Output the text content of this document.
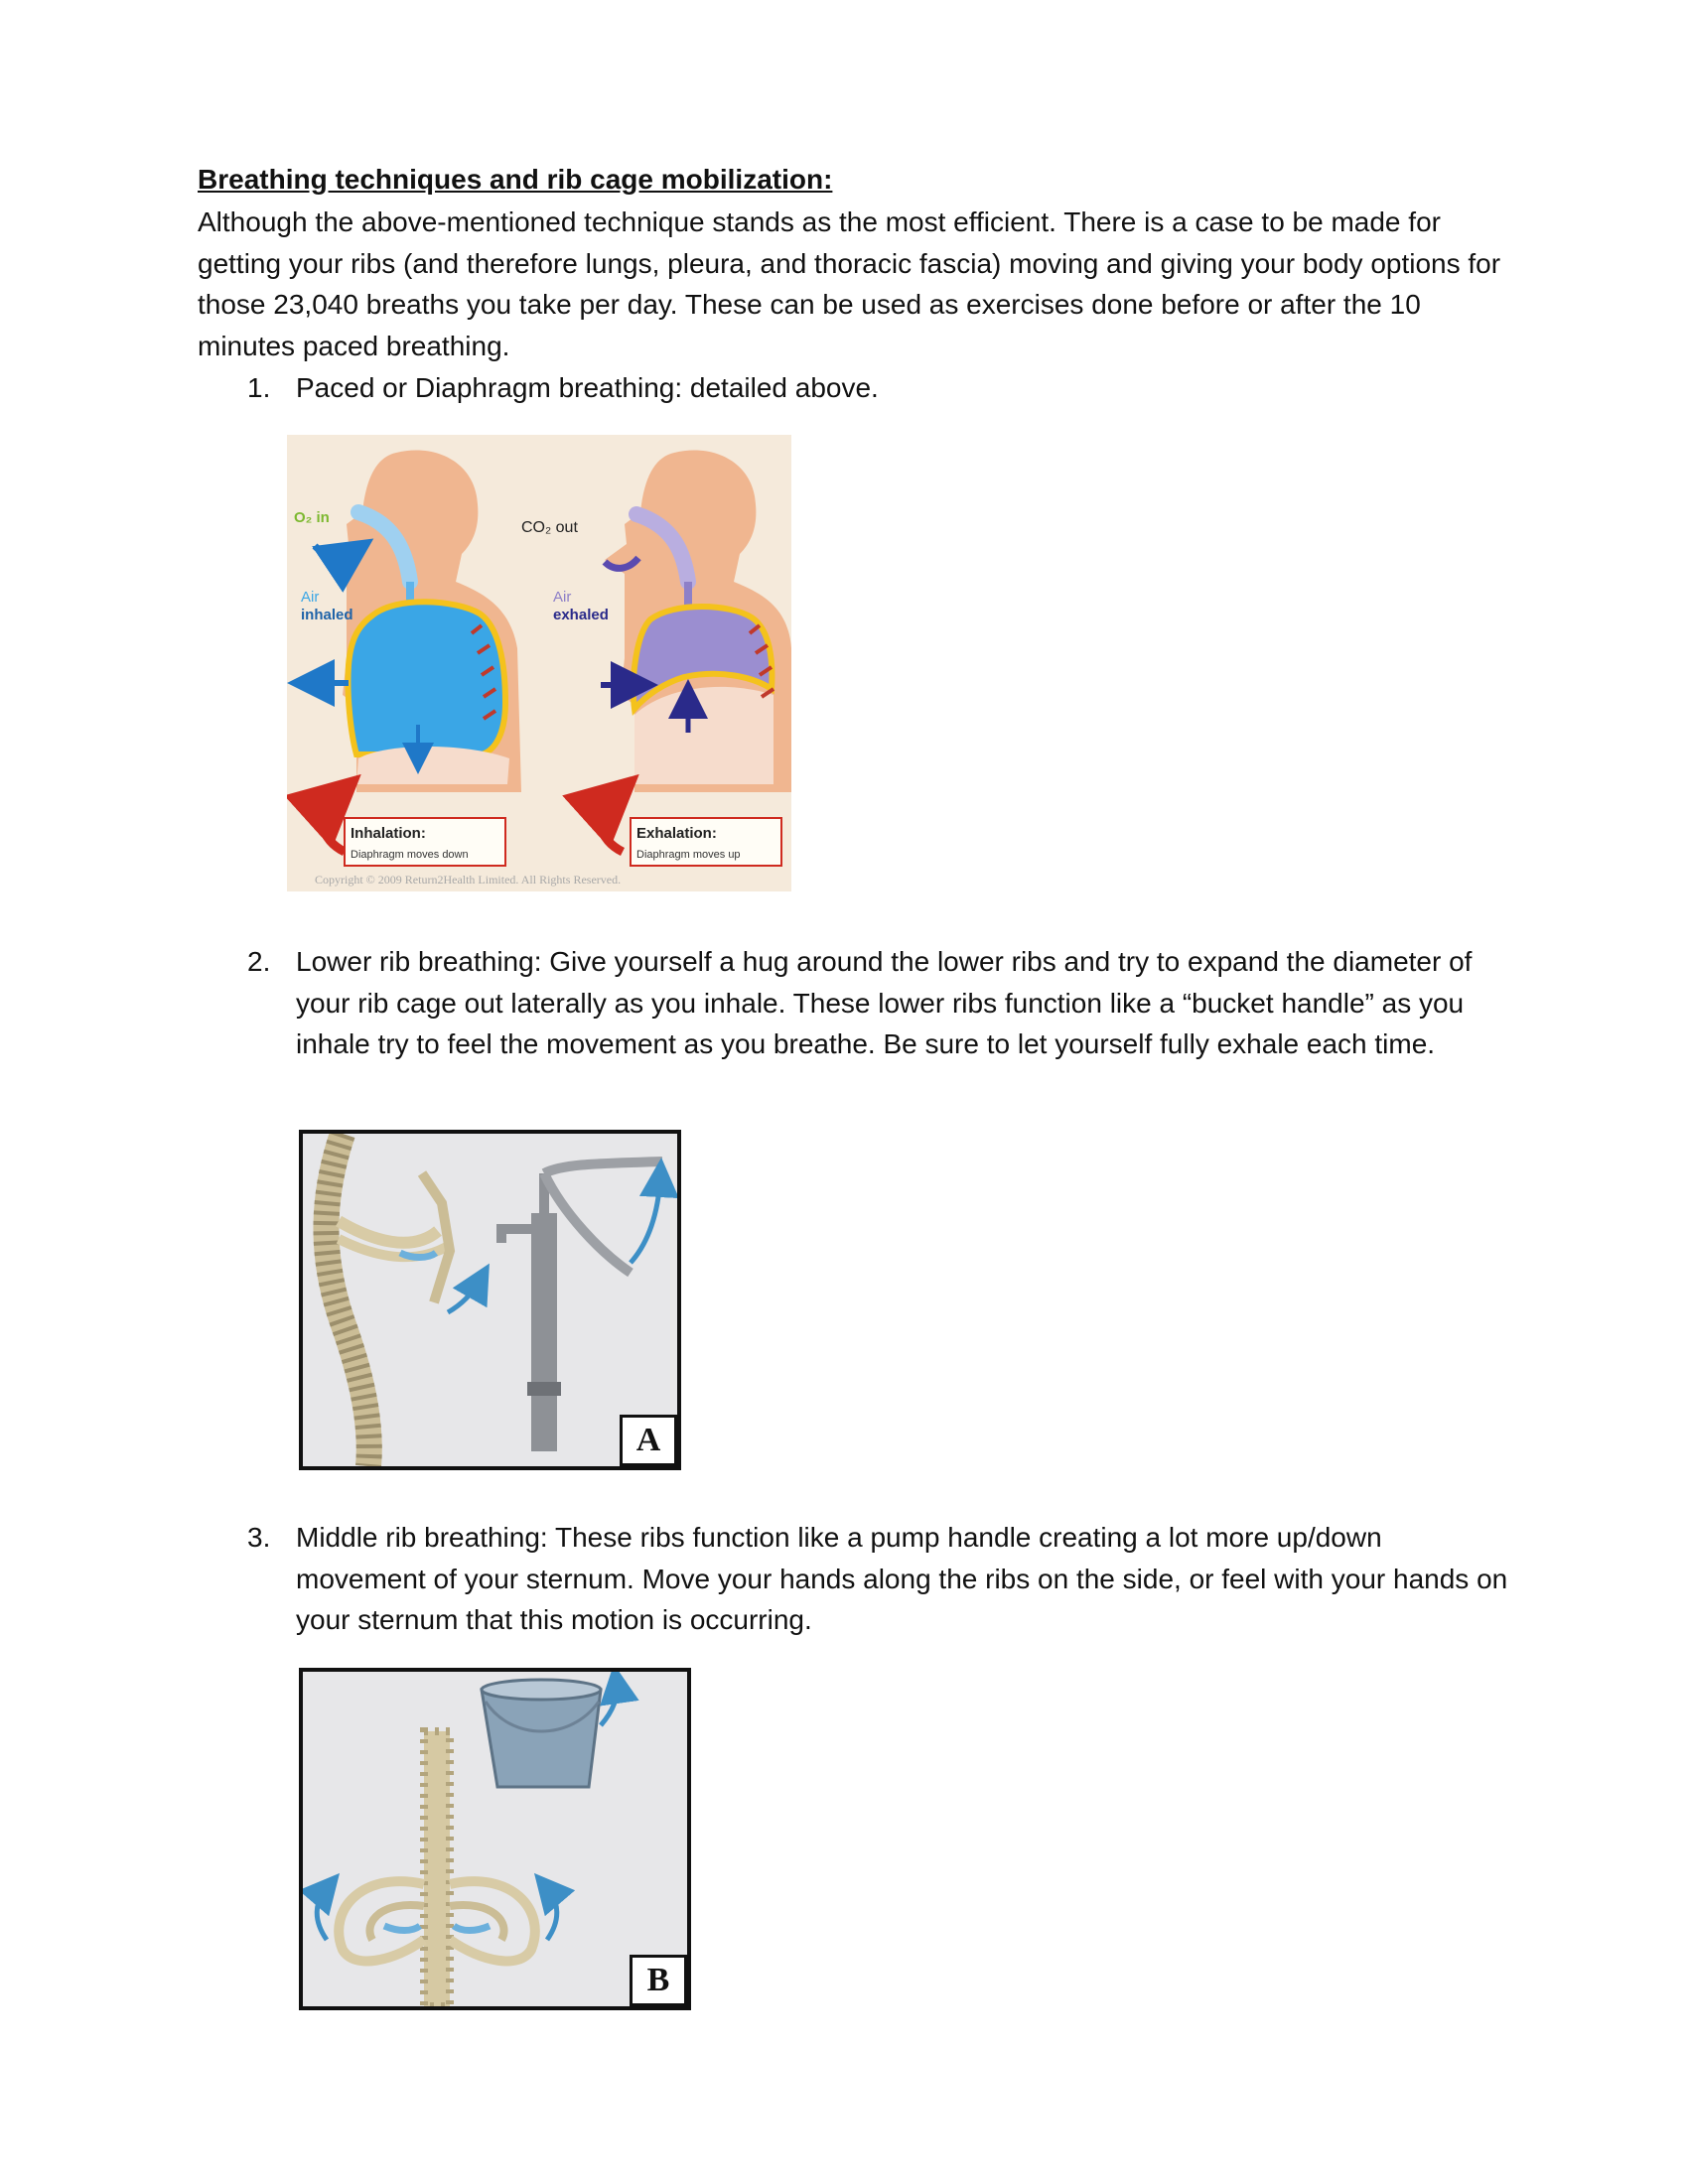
Breathing techniques and rib cage mobilization:
Although the above-mentioned technique stands as the most efficient. There is a case to be made for getting your ribs (and therefore lungs, pleura, and thoracic fascia) moving and giving your body options for those 23,040 breaths you take per day. These can be used as exercises done before or after the 10 minutes paced breathing.
1. Paced or Diaphragm breathing: detailed above.
O₂ in
Air
inhaled
CO₂ out
Air
exhaled
Inhalation:
Diaphragm moves down
Exhalation:
Diaphragm moves up
Copyright © 2009 Return2Health Limited. All Rights Reserved.
2. Lower rib breathing: Give yourself a hug around the lower ribs and try to expand the diameter of your rib cage out laterally as you inhale. These lower ribs function like a “bucket handle” as you inhale try to feel the movement as you breathe. Be sure to let yourself fully exhale each time.
A
3. Middle rib breathing: These ribs function like a pump handle creating a lot more up/down movement of your sternum. Move your hands along the ribs on the side, or feel with your hands on your sternum that this motion is occurring.
B
